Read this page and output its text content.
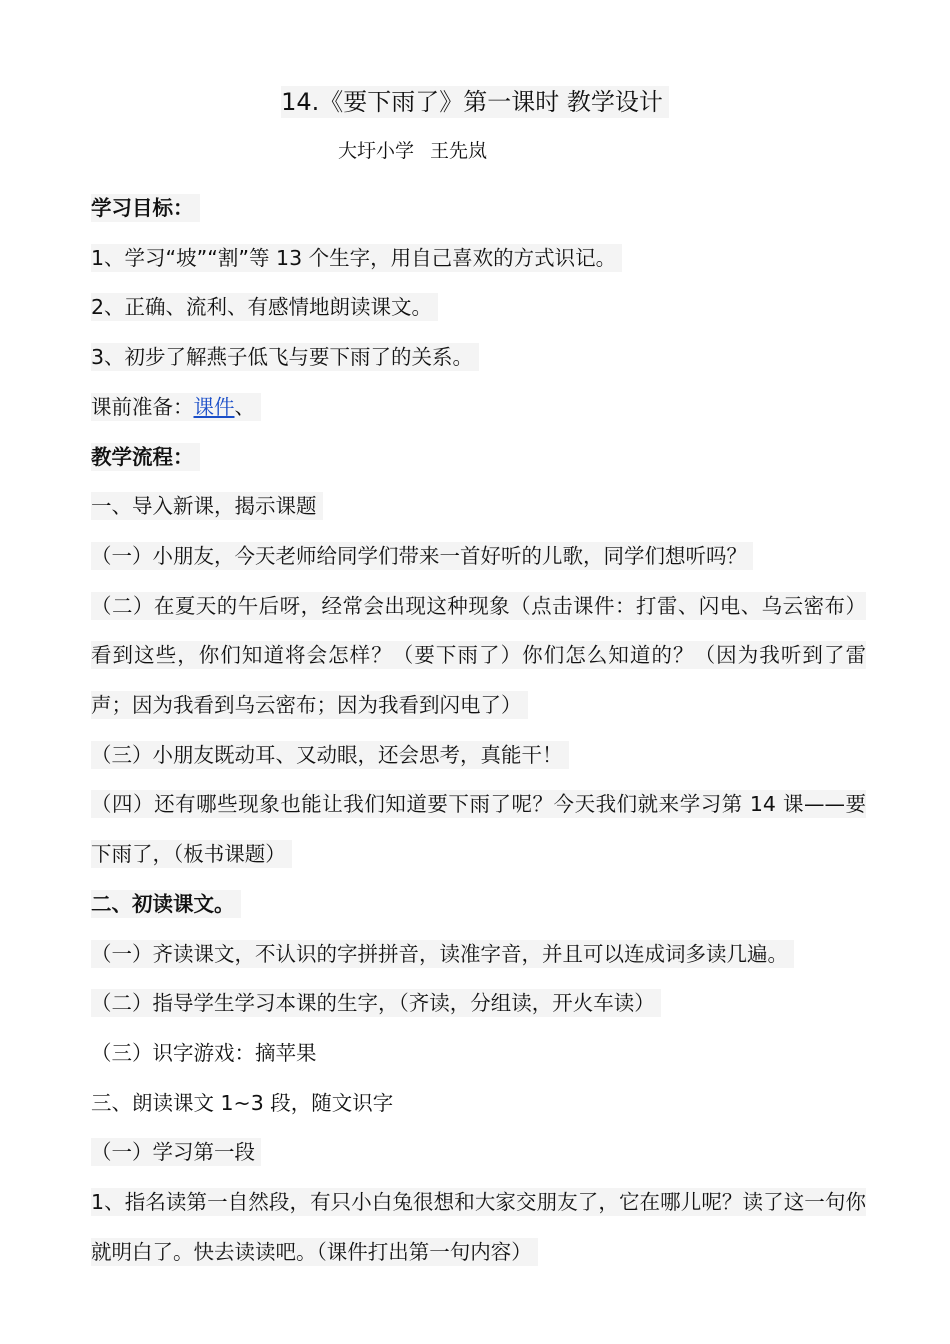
14.《要下雨了》第一课时 教学设计
大圩小学 王先岚

学习目标：

1、学习“坡”“割”等 13 个生字，用自己喜欢的方式识记。

2、正确、流利、有感情地朗读课文。

3、初步了解燕子低飞与要下雨了的关系。

课前准备：课件、

教学流程：

一、导入新课，揭示课题

（一）小朋友，今天老师给同学们带来一首好听的儿歌，同学们想听吗？

（二）在夏天的午后呀，经常会出现这种现象（点击课件：打雷、闪电、乌云密布）看到这些，你们知道将会怎样？（要下雨了）你们怎么知道的？（因为我听到了雷声；因为我看到乌云密布；因为我看到闪电了）

（三）小朋友既动耳、又动眼，还会思考，真能干！

（四）还有哪些现象也能让我们知道要下雨了呢？今天我们就来学习第 14 课——要下雨了，（板书课题）

二、初读课文。

（一）齐读课文，不认识的字拼拼音，读准字音，并且可以连成词多读几遍。

（二）指导学生学习本课的生字，（齐读，分组读，开火车读）

（三）识字游戏：摘苹果

三、朗读课文 1~3 段，随文识字

（一）学习第一段

1、指名读第一自然段，有只小白兔很想和大家交朋友了，它在哪儿呢？读了这一句你就明白了。快去读读吧。（课件打出第一句内容）
